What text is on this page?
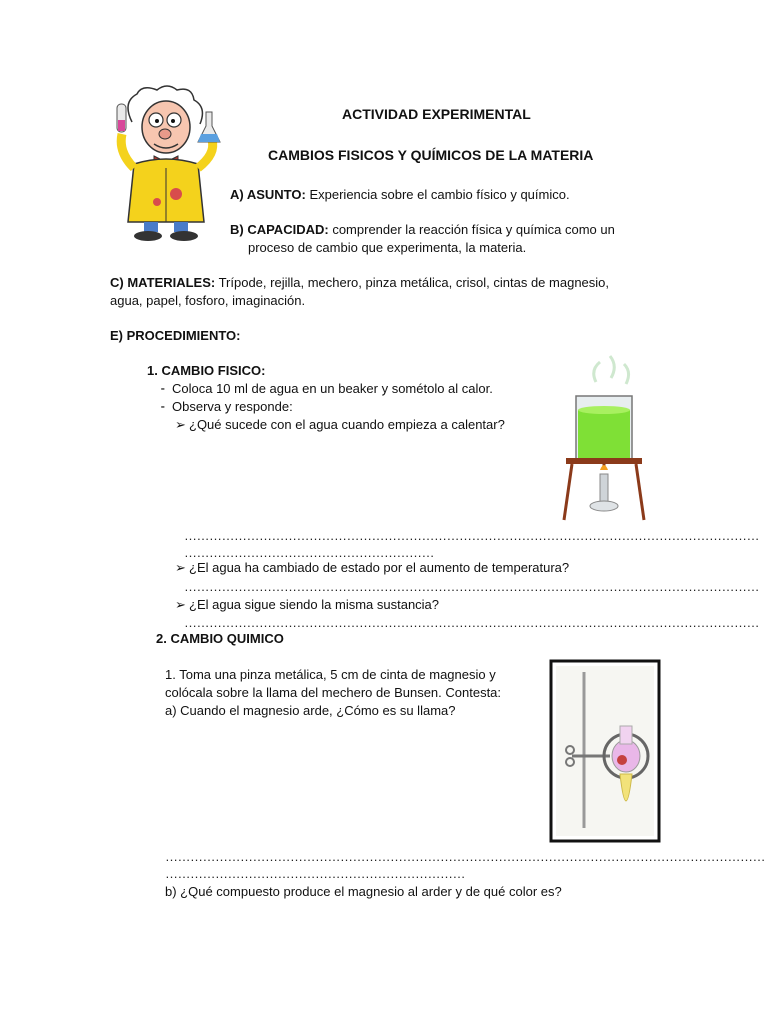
ACTIVIDAD EXPERIMENTAL
CAMBIOS FISICOS Y QUÍMICOS DE LA MATERIA
A) ASUNTO: Experiencia sobre el cambio físico y químico.
B) CAPACIDAD: comprender la reacción física y química como un
proceso de cambio que experimenta, la materia.
C) MATERIALES: Trípode, rejilla, mechero, pinza metálica, crisol, cintas de magnesio,
agua, papel, fosforo, imaginación.
E) PROCEDIMIENTO:
1. CAMBIO FISICO:
⁃ Coloca 10 ml de agua en un beaker y sométolo al calor.
⁃ Observa y responde:
➢ ¿Qué sucede con el agua cuando empieza a calentar?
…………………………………………………………………………………………………………………………
……………………………………………………
➢ ¿El agua ha cambiado de estado por el aumento de temperatura?
…………………………………………………………………………………………………………………………
➢ ¿El agua sigue siendo la misma sustancia?
…………………………………………………………………………………………………………………………
2. CAMBIO QUIMICO
1. Toma una pinza metálica, 5 cm de cinta de magnesio y
colócala sobre la llama del mechero de Bunsen. Contesta:
a) Cuando el magnesio arde, ¿Cómo es su llama?
………………………………………………………………………………………………………………………………
………………………………………………………………
b) ¿Qué compuesto produce el magnesio al arder y de qué color es?
